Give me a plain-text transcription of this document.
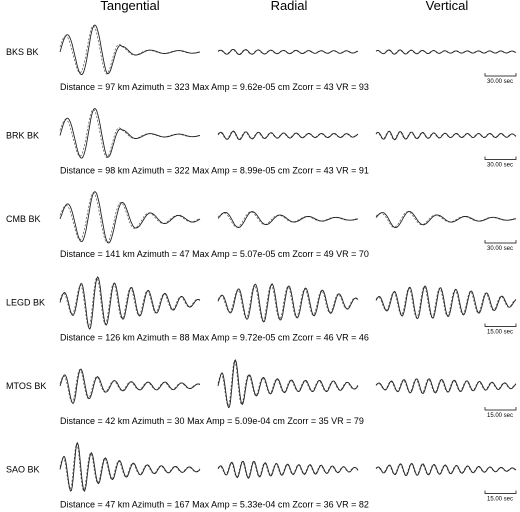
Tangential	Radial	Vertical
BKS BK
Distance = 97 km Azimuth = 323 Max Amp = 9.62e-05 cm Zcorr = 43 VR = 93	30.00 sec
BRK BK
Distance = 98 km Azimuth = 322 Max Amp = 8.99e-05 cm Zcorr = 43 VR = 91	30.00 sec
CMB BK
Distance = 141 km Azimuth = 47 Max Amp = 5.07e-05 cm Zcorr = 49 VR = 70	30.00 sec
LEGD BK
Distance = 126 km Azimuth = 88 Max Amp = 9.72e-05 cm Zcorr = 46 VR = 46	15.00 sec
MTOS BK
Distance = 42 km Azimuth = 30 Max Amp = 5.09e-04 cm Zcorr = 35 VR = 79	15.00 sec
SAO BK
Distance = 47 km Azimuth = 167 Max Amp = 5.33e-04 cm Zcorr = 36 VR = 82	15.00 sec
